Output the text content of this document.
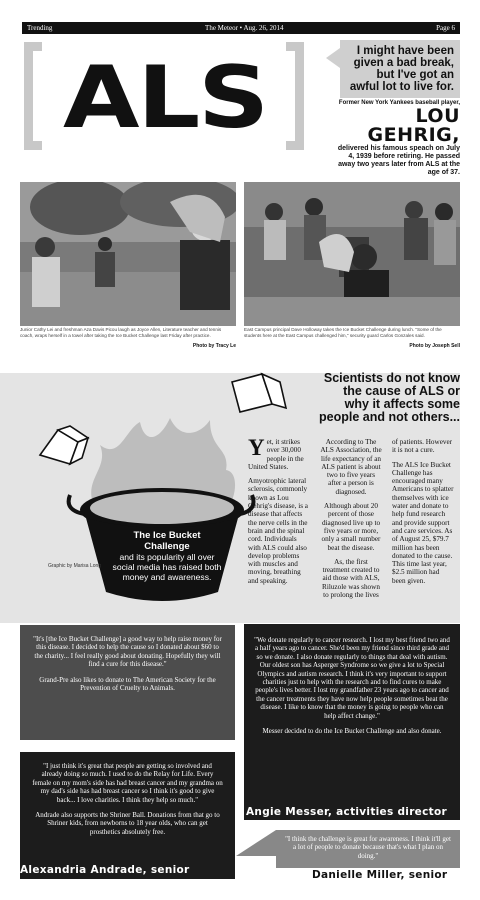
Trending	The Meteor • Aug. 26, 2014	Page 6
ALS	I might have been given a bad break, but I've got an awful lot to live for.
Former New York Yankees baseball player,
LOU GEHRIG,
delivered his famous speach on July 4, 1939 before retiring. He passed away two years later from ALS at the age of 37.
Junior Cathy Lei and freshman Aza Davis Picou laugh as Joyce Allen, Literature teacher and tennis coach, wraps herself in a towel after taking the Ice Bucket Challenge last Friday after practice.
Photo by Tracy Le
East Campus principal Dave Holloway takes the Ice Bucket Challenge during lunch. "Some of the students here at the East Campus challenged him," security guard Carlos Gonzales said.
Photo by Joseph Sell
Scientists do not know the cause of ALS or why it affects some people and not others...
The Ice Bucket Challenge
and its popularity all over social media has raised both money and awareness.
Graphic by Marisa Long

Yet, it strikes over 30,000 people in the United States.

Amyotrophic lateral sclerosis, commonly known as Lou Gehrig's disease, is a disease that affects the nerve cells in the brain and the spinal cord. Individuals with ALS could also develop problems with muscles and moving, breathing and speaking.

According to The ALS Association, the life expectancy of an ALS patient is about two to five years after a person is diagnosed.

Although about 20 percent of those diagnosed live up to five years or more, only a small number beat the disease.

As, the first treatment created to aid those with ALS, Riluzole was shown to prolong the lives

of patients. However it is not a cure.

The ALS Ice Bucket Challenge has encouraged many Americans to splatter themselves with ice water and donate to help fund research and provide support and care services. As of August 25, $79.7 million has been donated to the cause. This time last year, $2.5 million had been given.

"It's [the Ice Bucket Challenge] a good way to help raise money for this disease. I decided to help the cause so I donated about $60 to the charity... I feel really good about donating. Hopefully they will find a cure for this disease."

Grand-Pre also likes to donate to The American Society for the Prevention of Cruelty to Animals.

Austin Grand-Pre, junior

"We donate regularly to cancer research. I lost my best friend two and a half years ago to cancer. She'd been my friend since third grade and so we donate. I also donate regularly to things that deal with autism. Our oldest son has Asperger Syndrome so we give a lot to Special Olympics and autism research. I think it's very important to support charities just to help with the research and to find cures to make people's lives better. I lost my grandfather 23 years ago to cancer and the cancer treatments they have now help people sometimes beat the disease. I like to know that the money is going to people who can help affect change."

Messer decided to do the Ice Bucket Challenge and also donate.

Angie Messer, activities director

"I just think it's great that people are getting so involved and already doing so much. I used to do the Relay for Life. Every female on my mom's side has had breast cancer and my grandma on my dad's side has had breast cancer so I think it's good to give back... I love charities. I think they help so much."

Andrade also supports the Shriner Ball. Donations from that go to Shriner kids, from newborns to 18 year olds, who can get prosthetics absolutely free.

Alexandria Andrade, senior

"I think the challenge is great for awareness. I think it'll get a lot of people to donate because that's what I plan on doing."

Danielle Miller, senior
